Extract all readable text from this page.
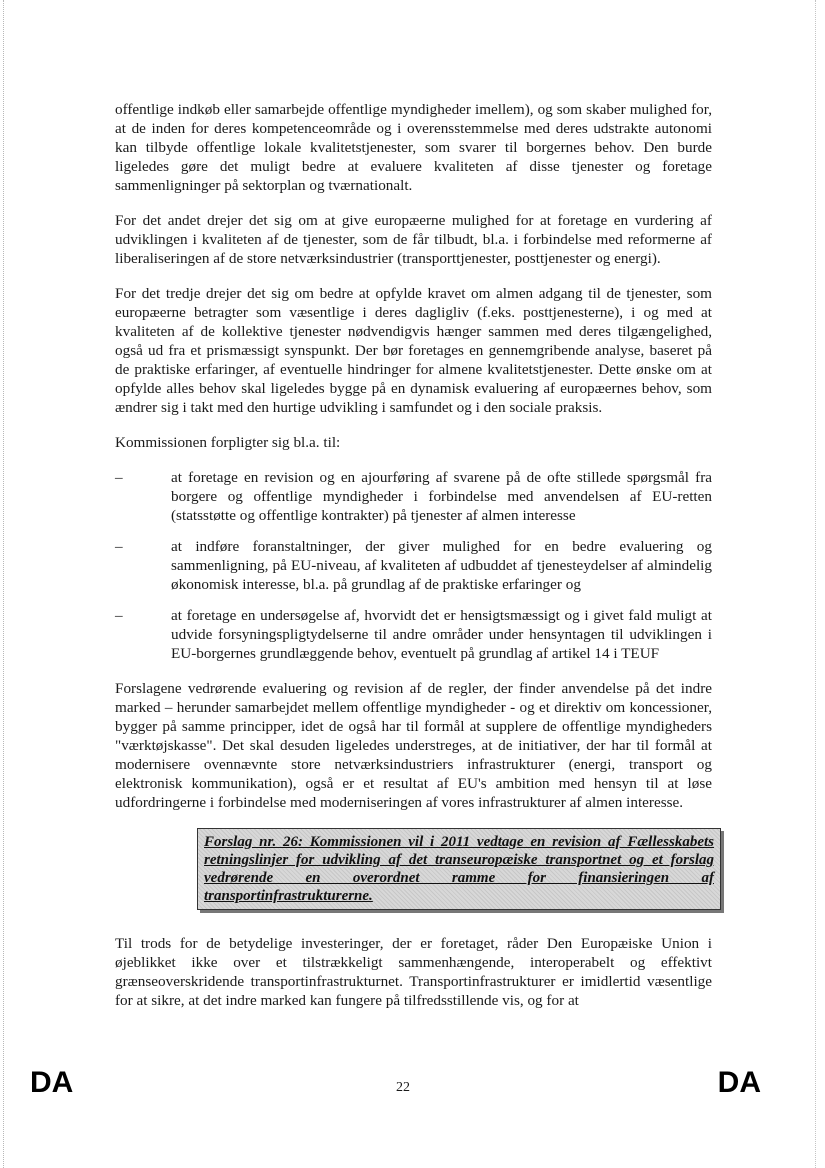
offentlige indkøb eller samarbejde offentlige myndigheder imellem), og som skaber mulighed for, at de inden for deres kompetenceområde og i overensstemmelse med deres udstrakte autonomi kan tilbyde offentlige lokale kvalitetstjenester, som svarer til borgernes behov. Den burde ligeledes gøre det muligt bedre at evaluere kvaliteten af disse tjenester og foretage sammenligninger på sektorplan og tværnationalt.

For det andet drejer det sig om at give europæerne mulighed for at foretage en vurdering af udviklingen i kvaliteten af de tjenester, som de får tilbudt, bl.a. i forbindelse med reformerne af liberaliseringen af de store netværksindustrier (transporttjenester, posttjenester og energi).

For det tredje drejer det sig om bedre at opfylde kravet om almen adgang til de tjenester, som europæerne betragter som væsentlige i deres dagligliv (f.eks. posttjenesterne), i og med at kvaliteten af de kollektive tjenester nødvendigvis hænger sammen med deres tilgængelighed, også ud fra et prismæssigt synspunkt. Der bør foretages en gennemgribende analyse, baseret på de praktiske erfaringer, af eventuelle hindringer for almene kvalitetstjenester. Dette ønske om at opfylde alles behov skal ligeledes bygge på en dynamisk evaluering af europæernes behov, som ændrer sig i takt med den hurtige udvikling i samfundet og i den sociale praksis.

Kommissionen forpligter sig bl.a. til:

–	at foretage en revision og en ajourføring af svarene på de ofte stillede spørgsmål fra borgere og offentlige myndigheder i forbindelse med anvendelsen af EU-retten (statsstøtte og offentlige kontrakter) på tjenester af almen interesse
–	at indføre foranstaltninger, der giver mulighed for en bedre evaluering og sammenligning, på EU-niveau, af kvaliteten af udbuddet af tjenesteydelser af almindelig økonomisk interesse, bl.a. på grundlag af de praktiske erfaringer og
–	at foretage en undersøgelse af, hvorvidt det er hensigtsmæssigt og i givet fald muligt at udvide forsyningspligtydelserne til andre områder under hensyntagen til udviklingen i EU-borgernes grundlæggende behov, eventuelt på grundlag af artikel 14 i TEUF

Forslagene vedrørende evaluering og revision af de regler, der finder anvendelse på det indre marked – herunder samarbejdet mellem offentlige myndigheder - og et direktiv om koncessioner, bygger på samme principper, idet de også har til formål at supplere de offentlige myndigheders "værktøjskasse". Det skal desuden ligeledes understreges, at de initiativer, der har til formål at modernisere ovennævnte store netværksindustriers infrastrukturer (energi, transport og elektronisk kommunikation), også er et resultat af EU's ambition med hensyn til at løse udfordringerne i forbindelse med moderniseringen af vores infrastrukturer af almen interesse.

Forslag nr. 26: Kommissionen vil i 2011 vedtage en revision af Fællesskabets retningslinjer for udvikling af det transeuropæiske transportnet og et forslag vedrørende en overordnet ramme for finansieringen af transportinfrastrukturerne.

Til trods for de betydelige investeringer, der er foretaget, råder Den Europæiske Union i øjeblikket ikke over et tilstrækkeligt sammenhængende, interoperabelt og effektivt grænseoverskridende transportinfrastrukturnet. Transportinfrastrukturer er imidlertid væsentlige for at sikre, at det indre marked kan fungere på tilfredsstillende vis, og for at

DA	22	DA
